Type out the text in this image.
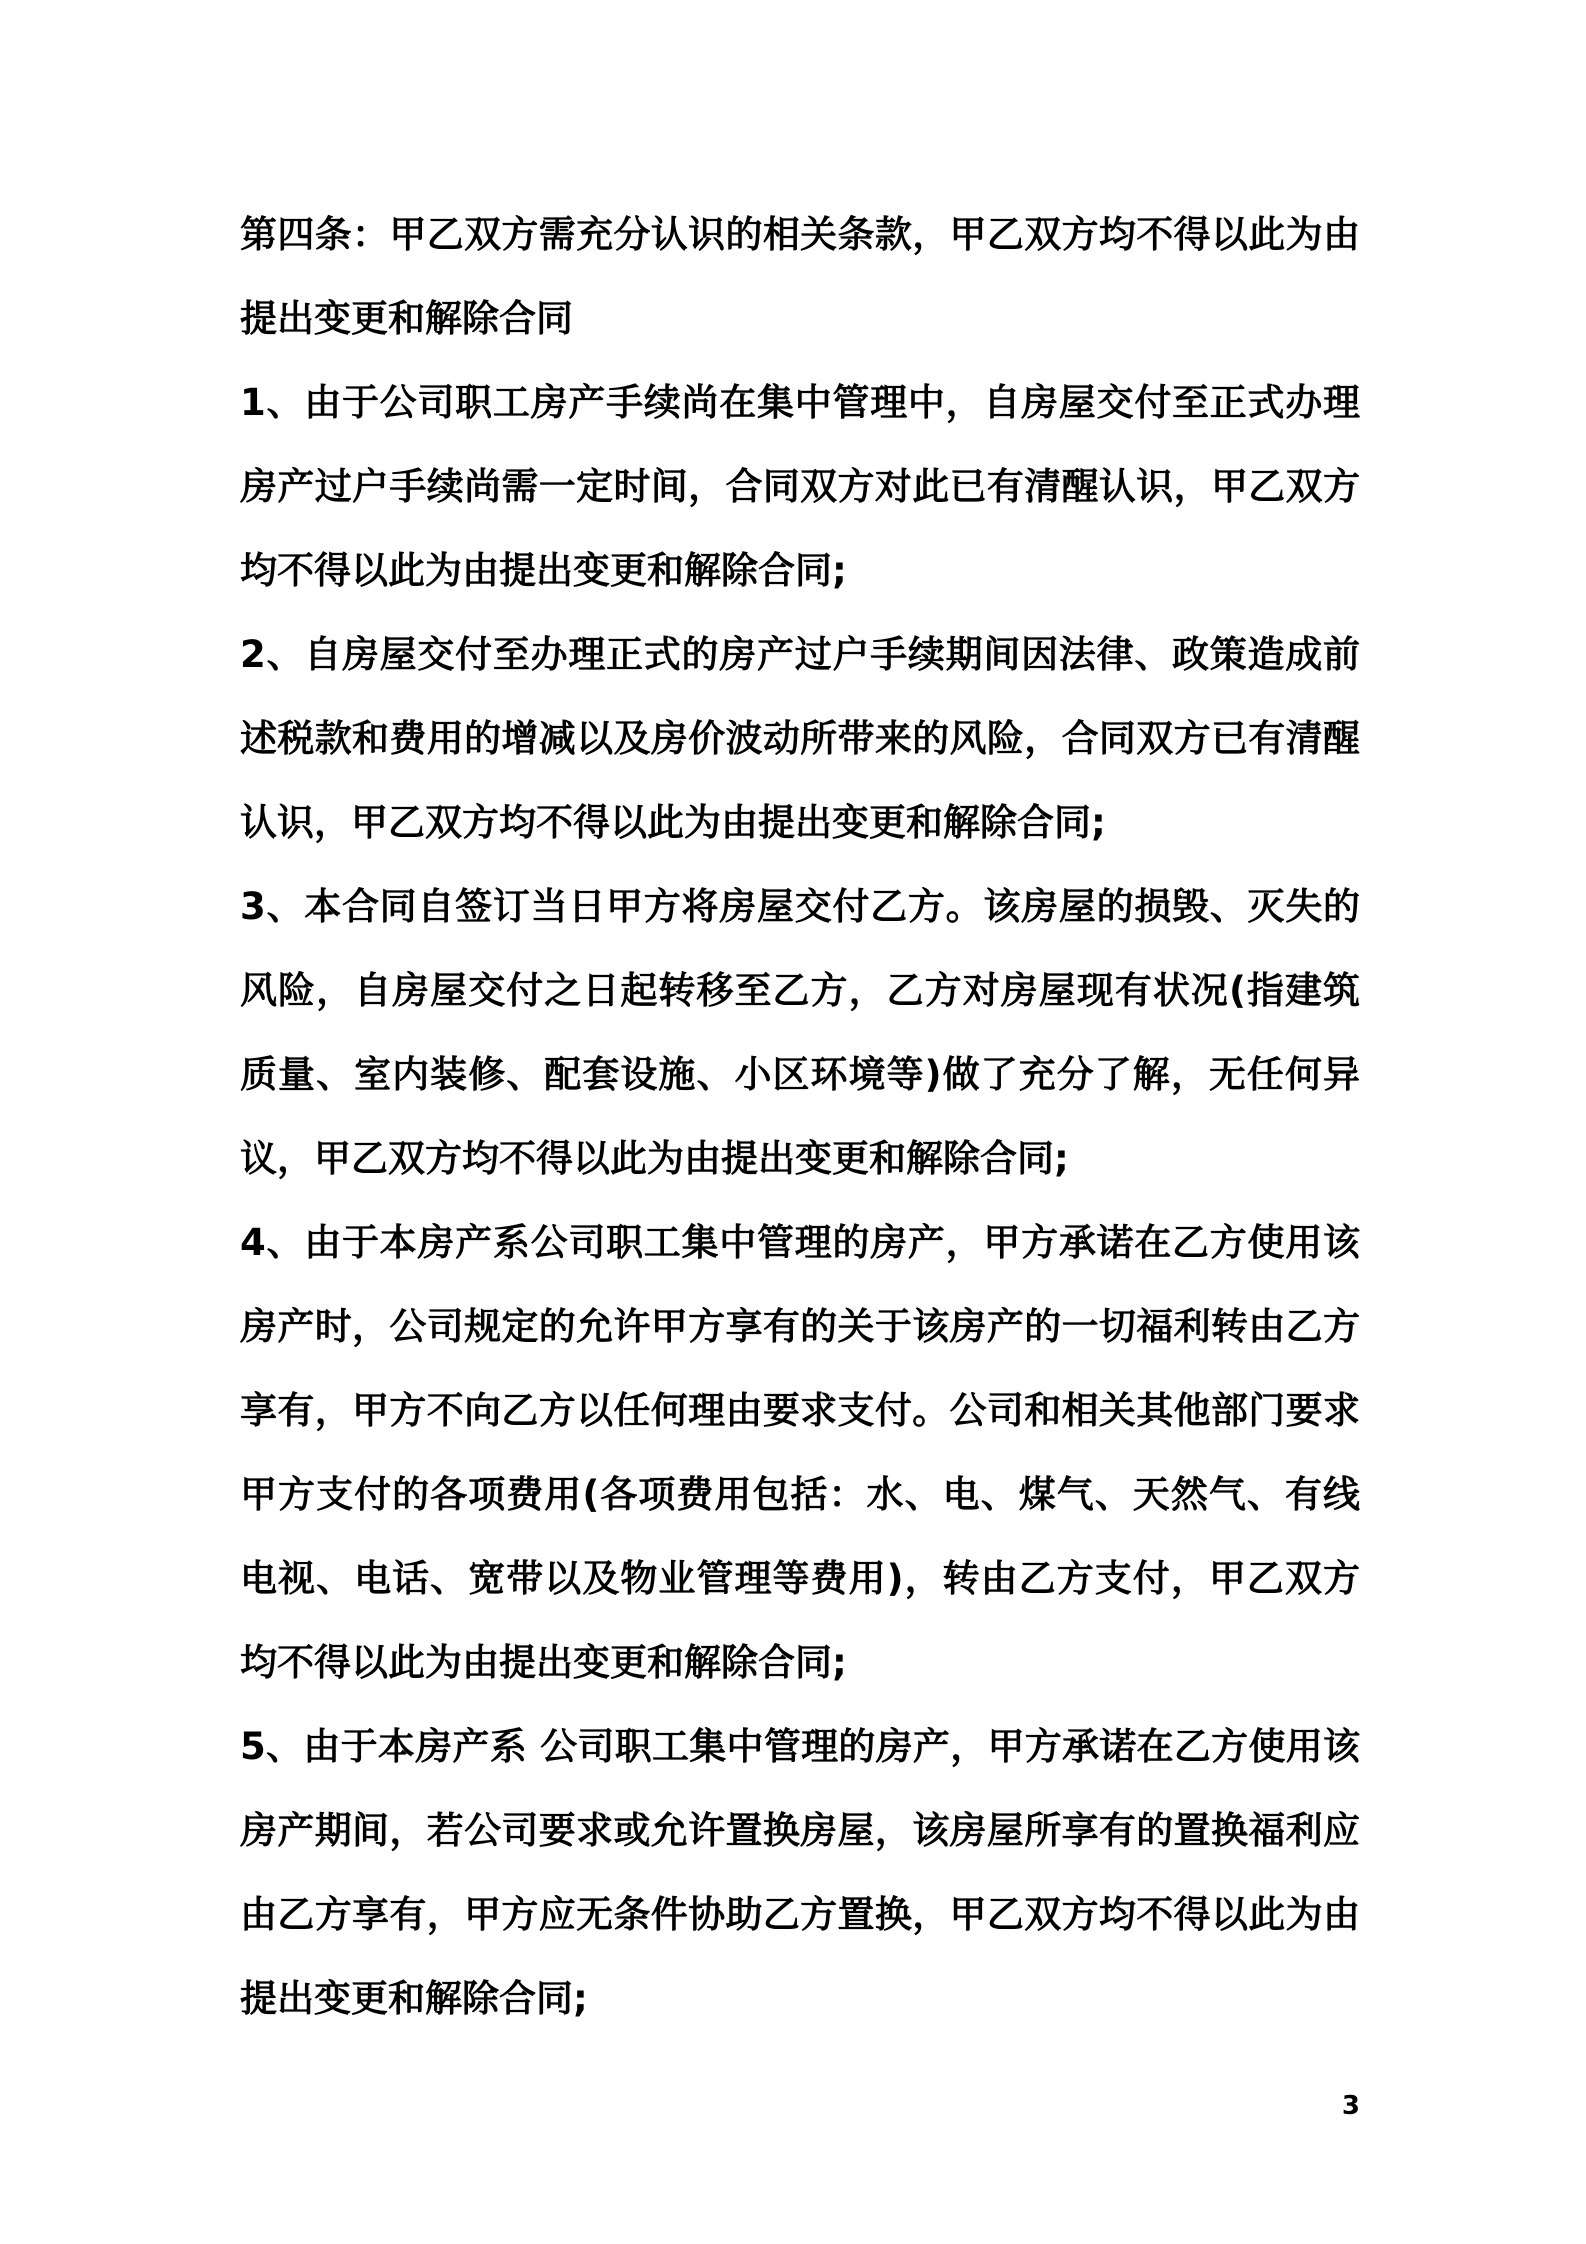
第四条：甲乙双方需充分认识的相关条款，甲乙双方均不得以此为由提出变更和解除合同

1、由于公司职工房产手续尚在集中管理中，自房屋交付至正式办理房产过户手续尚需一定时间，合同双方对此已有清醒认识，甲乙双方均不得以此为由提出变更和解除合同;

2、自房屋交付至办理正式的房产过户手续期间因法律、政策造成前述税款和费用的增减以及房价波动所带来的风险，合同双方已有清醒认识，甲乙双方均不得以此为由提出变更和解除合同;

3、本合同自签订当日甲方将房屋交付乙方。该房屋的损毁、灭失的风险，自房屋交付之日起转移至乙方，乙方对房屋现有状况(指建筑质量、室内装修、配套设施、小区环境等)做了充分了解，无任何异议，甲乙双方均不得以此为由提出变更和解除合同;

4、由于本房产系公司职工集中管理的房产，甲方承诺在乙方使用该房产时，公司规定的允许甲方享有的关于该房产的一切福利转由乙方享有，甲方不向乙方以任何理由要求支付。公司和相关其他部门要求甲方支付的各项费用(各项费用包括：水、电、煤气、天然气、有线电视、电话、宽带以及物业管理等费用)，转由乙方支付，甲乙双方均不得以此为由提出变更和解除合同;

5、由于本房产系 公司职工集中管理的房产，甲方承诺在乙方使用该房产期间，若公司要求或允许置换房屋，该房屋所享有的置换福利应由乙方享有，甲方应无条件协助乙方置换，甲乙双方均不得以此为由提出变更和解除合同;

3
